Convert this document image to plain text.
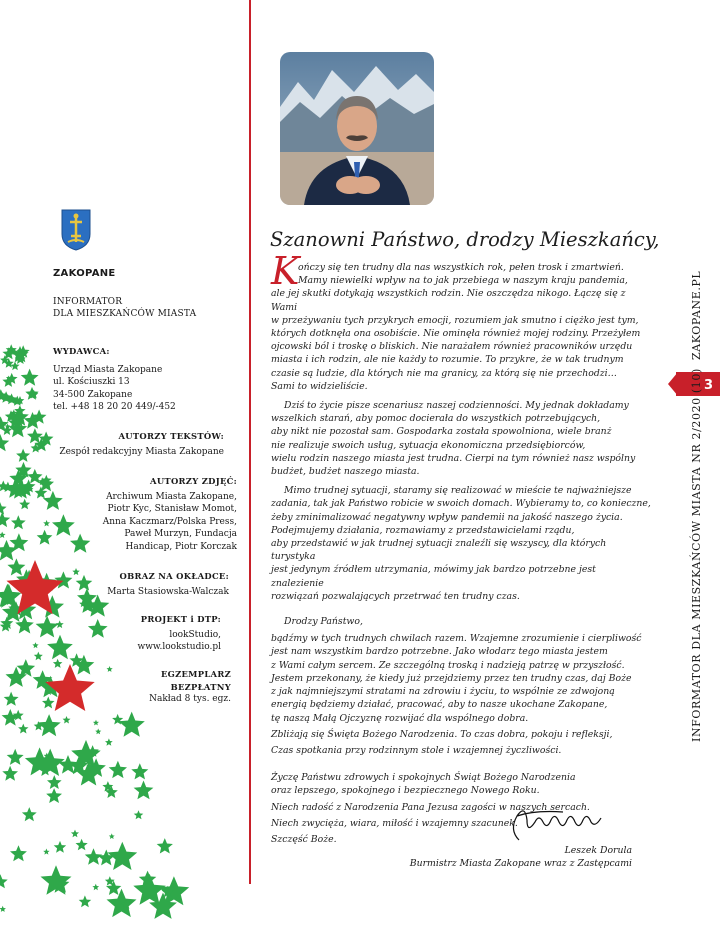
ZAKOPANE
INFORMATOR
DLA MIESZKAŃCÓW MIASTA
WYDAWCA:
Urząd Miasta Zakopane
ul. Kościuszki 13
34-500 Zakopane
tel. +48 18 20 20 449/-452
AUTORZY TEKSTÓW:
Zespół redakcyjny Miasta Zakopane
AUTORZY ZDJĘĆ:
Archiwum Miasta Zakopane,
Piotr Kyc, Stanisław Momot,
Anna Kaczmarz/Polska Press,
Paweł Murzyn, Fundacja
Handicap, Piotr Korczak
OBRAZ NA OKŁADCE:
Marta Stasiowska-Walczak
PROJEKT i DTP:
lookStudio,
www.lookstudio.pl
EGZEMPLARZ
BEZPŁATNY
Nakład 8 tys. egz.
Szanowni Państwo, drodzy Mieszkańcy,
K

ończy się ten trudny dla nas wszystkich rok, pełen trosk i zmartwień.

Mamy niewielki wpływ na to jak przebiega w naszym kraju pandemia,

ale jej skutki dotykają wszystkich rodzin. Nie oszczędza nikogo. Łączę się z Wami

w przeżywaniu tych przykrych emocji, rozumiem jak smutno i ciężko jest tym,

których dotknęła ona osobiście. Nie ominęła również mojej rodziny. Przeżyłem

ojcowski ból i troskę o bliskich. Nie narażałem również pracowników urzędu

miasta i ich rodzin, ale nie każdy to rozumie. To przykre, że w tak trudnym

czasie są ludzie, dla których nie ma granicy, za którą się nie przechodzi…

Sami to widzieliście.

Dziś to życie pisze scenariusz naszej codzienności. My jednak dokładamy

wszelkich starań, aby pomoc docierała do wszystkich potrzebujących,

aby nikt nie pozostał sam. Gospodarka została spowolniona, wiele branż

nie realizuje swoich usług, sytuacja ekonomiczna przedsiębiorców,

wielu rodzin naszego miasta jest trudna. Cierpi na tym również nasz wspólny

budżet, budżet naszego miasta.

Mimo trudnej sytuacji, staramy się realizować w mieście te najważniejsze

zadania, tak jak Państwo robicie w swoich domach. Wybieramy to, co konieczne,

żeby zminimalizować negatywny wpływ pandemii na jakość naszego życia.

Podejmujemy działania, rozmawiamy z przedstawicielami rządu,

aby przedstawić w jak trudnej sytuacji znaleźli się wszyscy, dla których turystyka

jest jedynym źródłem utrzymania, mówimy jak bardzo potrzebne jest znalezienie

rozwiązań pozwalających przetrwać ten trudny czas.

Drodzy Państwo,

bądźmy w tych trudnych chwilach razem. Wzajemne zrozumienie i cierpliwość

jest nam wszystkim bardzo potrzebne. Jako włodarz tego miasta jestem

z Wami całym sercem. Ze szczególną troską i nadzieją patrzę w przyszłość.

Jestem przekonany, że kiedy już przejdziemy przez ten trudny czas, daj Boże

z jak najmniejszymi stratami na zdrowiu i życiu, to wspólnie ze zdwojoną

energią będziemy działać, pracować, aby to nasze ukochane Zakopane,

tę naszą Małą Ojczyznę rozwijać dla wspólnego dobra.

Zbliżają się Święta Bożego Narodzenia. To czas dobra, pokoju i refleksji,

Czas spotkania przy rodzinnym stole i wzajemnej życzliwości.

Życzę Państwu zdrowych i spokojnych Świąt Bożego Narodzenia

oraz lepszego, spokojnego i bezpiecznego Nowego Roku.

Niech radość z Narodzenia Pana Jezusa zagości w naszych sercach.

Niech zwycięża, wiara, miłość i wzajemny szacunek.

Szczęść Boże.

Leszek Dorula
Burmistrz Miasta Zakopane wraz z Zastępcami
3
INFORMATOR DLA MIESZKAŃCÓW MIASTA NR 2/2020 (10)
ZAKOPANE.PL
